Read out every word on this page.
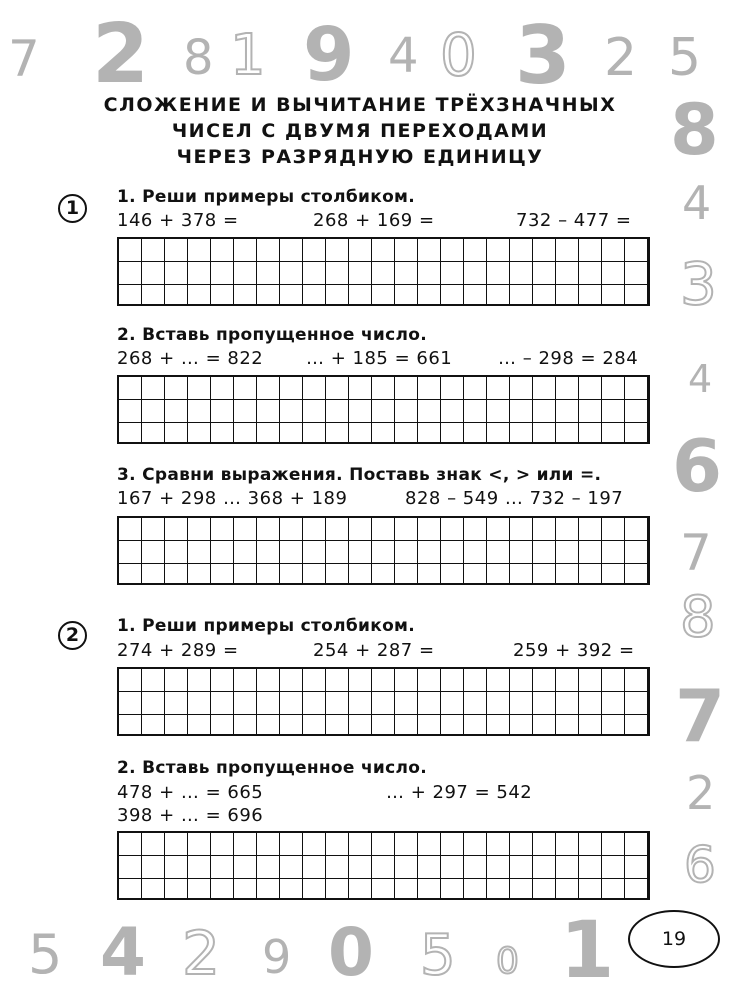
7 2 8 1 9 4 0 3 2 5
8
4
3
4
6
7
8
7
2
6
5 4 2 9 0 5 0 1
СЛОЖЕНИЕ И ВЫЧИТАНИЕ ТРЁХЗНАЧНЫХ
ЧИСЕЛ С ДВУМЯ ПЕРЕХОДАМИ
ЧЕРЕЗ РАЗРЯДНУЮ ЕДИНИЦУ
1	1. Реши примеры столбиком.
146 + 378 =	268 + 169 =	732 – 477 =
2. Вставь пропущенное число.
268 + … = 822 … + 185 = 661	… – 298 = 284
3. Сравни выражения. Поставь знак <, > или =.
167 + 298 … 368 + 189	828 – 549 … 732 – 197
2	1. Реши примеры столбиком.
274 + 289 =	254 + 287 =	259 + 392 =
2. Вставь пропущенное число.
478 + … = 665	… + 297 = 542
398 + … = 696
19
